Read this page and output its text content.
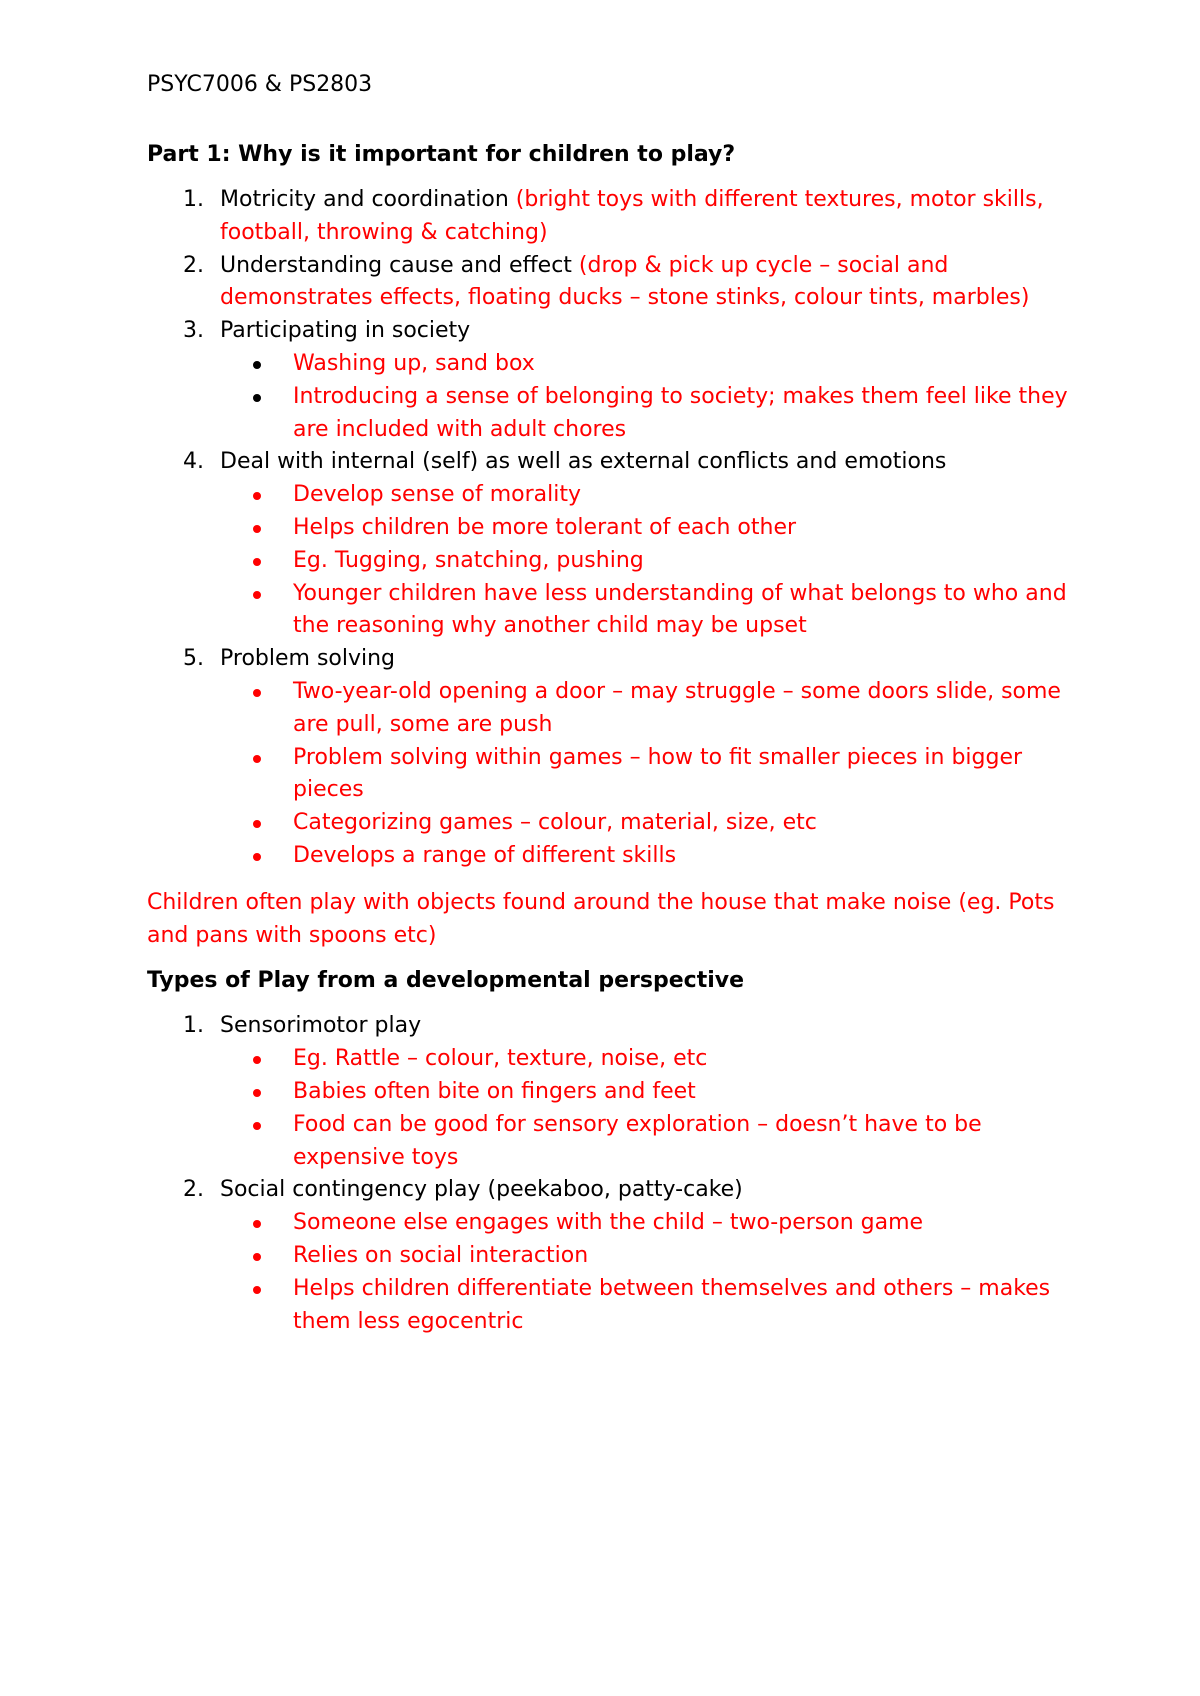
PSYC7006 & PS2803
Part 1: Why is it important for children to play?
1. Motricity and coordination (bright toys with different textures, motor skills, football, throwing & catching)
2. Understanding cause and effect (drop & pick up cycle – social and demonstrates effects, floating ducks – stone stinks, colour tints, marbles)
3. Participating in society
Washing up, sand box
Introducing a sense of belonging to society; makes them feel like they are included with adult chores
4. Deal with internal (self) as well as external conflicts and emotions
Develop sense of morality
Helps children be more tolerant of each other
Eg. Tugging, snatching, pushing
Younger children have less understanding of what belongs to who and the reasoning why another child may be upset
5. Problem solving
Two-year-old opening a door – may struggle – some doors slide, some are pull, some are push
Problem solving within games – how to fit smaller pieces in bigger pieces
Categorizing games – colour, material, size, etc
Develops a range of different skills
Children often play with objects found around the house that make noise (eg. Pots and pans with spoons etc)
Types of Play from a developmental perspective
1. Sensorimotor play
Eg. Rattle – colour, texture, noise, etc
Babies often bite on fingers and feet
Food can be good for sensory exploration – doesn’t have to be expensive toys
2. Social contingency play (peekaboo, patty-cake)
Someone else engages with the child – two-person game
Relies on social interaction
Helps children differentiate between themselves and others – makes them less egocentric
